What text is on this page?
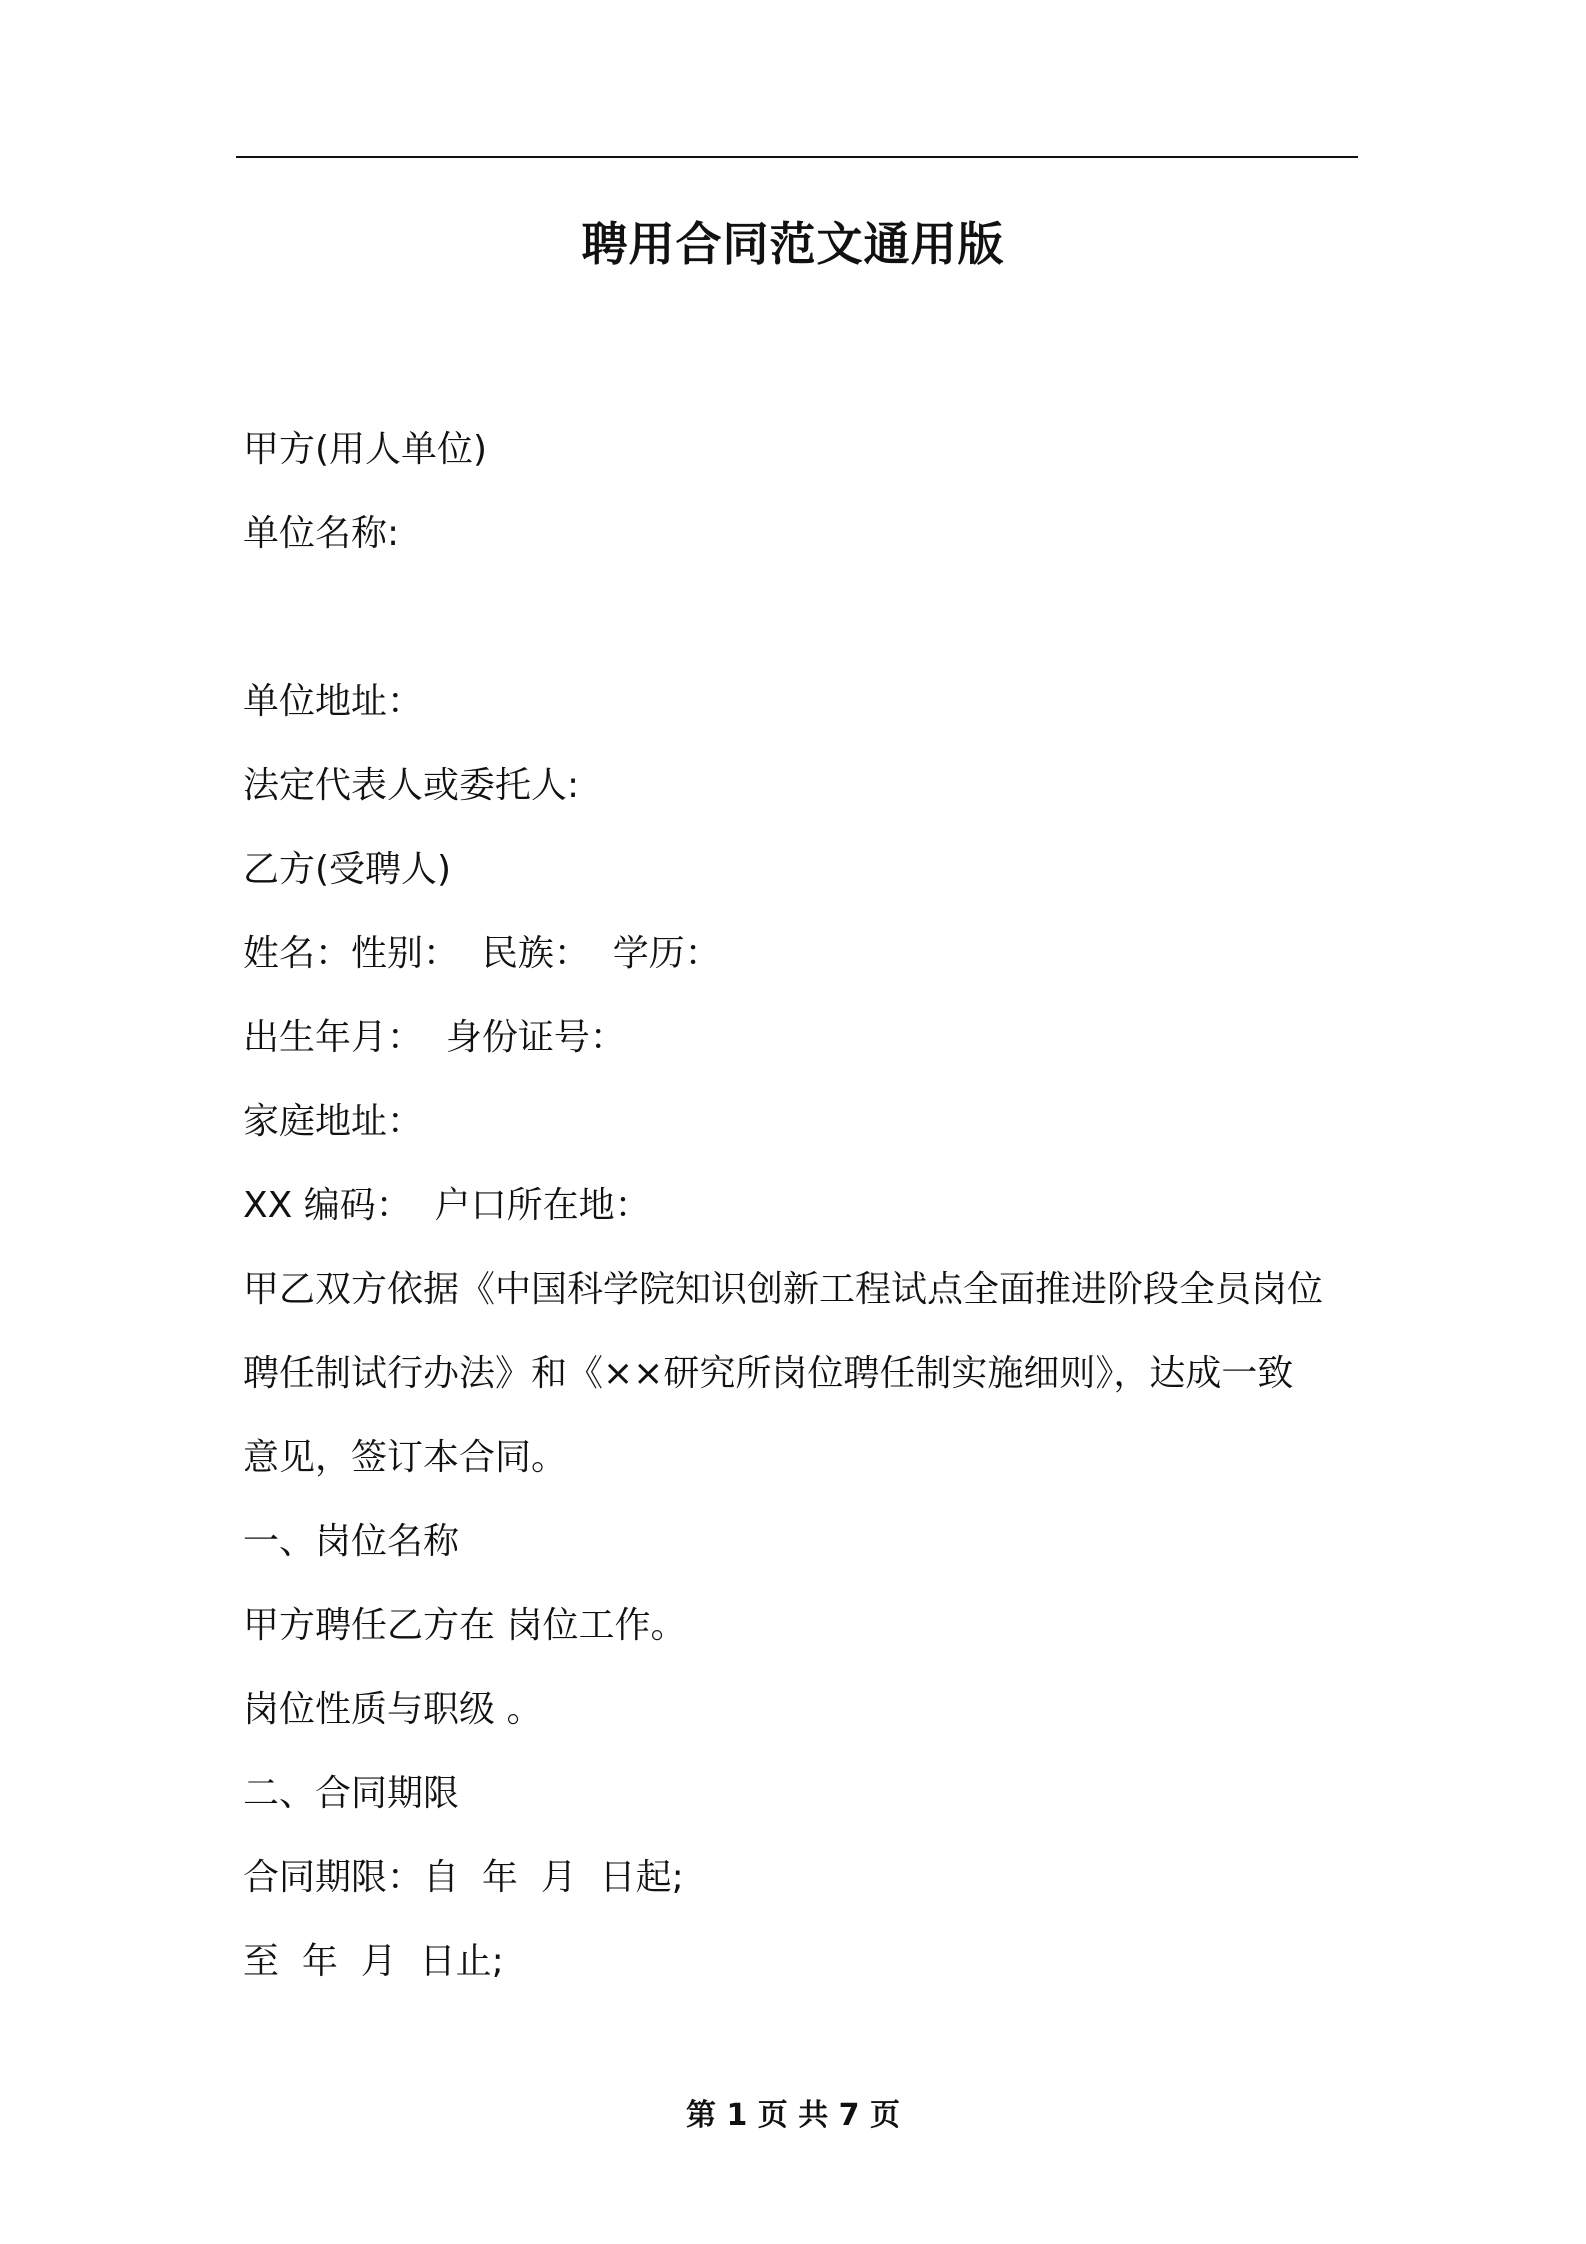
聘用合同范文通用版
甲方(用人单位)
单位名称:
单位地址：
法定代表人或委托人:
乙方(受聘人)
姓名：性别：  民族：  学历：
出生年月：  身份证号：
家庭地址：
XX 编码：  户口所在地：
甲乙双方依据《中国科学院知识创新工程试点全面推进阶段全员岗位
聘任制试行办法》和《××研究所岗位聘任制实施细则》，达成一致
意见，签订本合同。
一、岗位名称
甲方聘任乙方在 岗位工作。
岗位性质与职级 。
二、合同期限
合同期限：自  年  月  日起;
至  年  月  日止;
第 1 页 共 7 页
